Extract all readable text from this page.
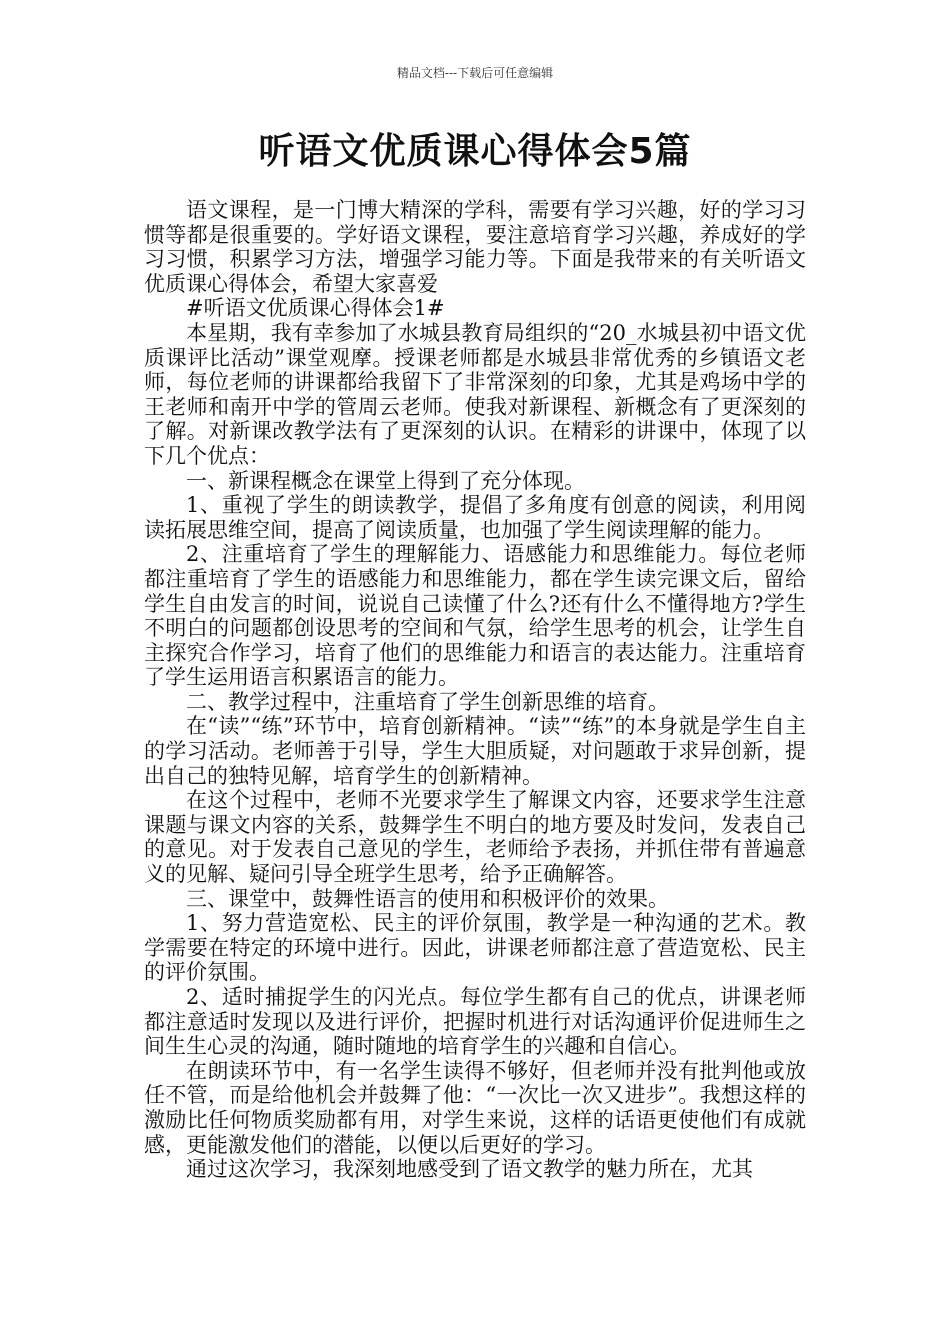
精品文档---下载后可任意编辑
听语文优质课心得体会5篇

语文课程，是一门博大精深的学科，需要有学习兴趣，好的学习习惯等都是很重要的。学好语文课程，要注意培育学习兴趣，养成好的学习习惯，积累学习方法，增强学习能力等。下面是我带来的有关听语文优质课心得体会，希望大家喜爱

#听语文优质课心得体会1#

本星期，我有幸参加了水城县教育局组织的“20_水城县初中语文优质课评比活动”课堂观摩。授课老师都是水城县非常优秀的乡镇语文老师，每位老师的讲课都给我留下了非常深刻的印象，尤其是鸡场中学的王老师和南开中学的管周云老师。使我对新课程、新概念有了更深刻的了解。对新课改教学法有了更深刻的认识。在精彩的讲课中，体现了以下几个优点：

一、新课程概念在课堂上得到了充分体现。

1、重视了学生的朗读教学，提倡了多角度有创意的阅读，利用阅读拓展思维空间，提高了阅读质量，也加强了学生阅读理解的能力。

2、注重培育了学生的理解能力、语感能力和思维能力。每位老师都注重培育了学生的语感能力和思维能力，都在学生读完课文后，留给学生自由发言的时间，说说自己读懂了什么?还有什么不懂得地方?学生不明白的问题都创设思考的空间和气氛，给学生思考的机会，让学生自主探究合作学习，培育了他们的思维能力和语言的表达能力。注重培育了学生运用语言积累语言的能力。

二、教学过程中，注重培育了学生创新思维的培育。

在“读”“练”环节中，培育创新精神。“读”“练”的本身就是学生自主的学习活动。老师善于引导，学生大胆质疑，对问题敢于求异创新，提出自己的独特见解，培育学生的创新精神。

在这个过程中，老师不光要求学生了解课文内容，还要求学生注意课题与课文内容的关系，鼓舞学生不明白的地方要及时发问，发表自己的意见。对于发表自己意见的学生，老师给予表扬，并抓住带有普遍意义的见解、疑问引导全班学生思考，给予正确解答。

三、课堂中，鼓舞性语言的使用和积极评价的效果。

1、努力营造宽松、民主的评价氛围，教学是一种沟通的艺术。教学需要在特定的环境中进行。因此，讲课老师都注意了营造宽松、民主的评价氛围。

2、适时捕捉学生的闪光点。每位学生都有自己的优点，讲课老师都注意适时发现以及进行评价，把握时机进行对话沟通评价促进师生之间生生心灵的沟通，随时随地的培育学生的兴趣和自信心。

在朗读环节中，有一名学生读得不够好，但老师并没有批判他或放任不管，而是给他机会并鼓舞了他：“一次比一次又进步”。我想这样的激励比任何物质奖励都有用，对学生来说，这样的话语更使他们有成就感，更能激发他们的潜能，以便以后更好的学习。

通过这次学习，我深刻地感受到了语文教学的魅力所在，尤其
